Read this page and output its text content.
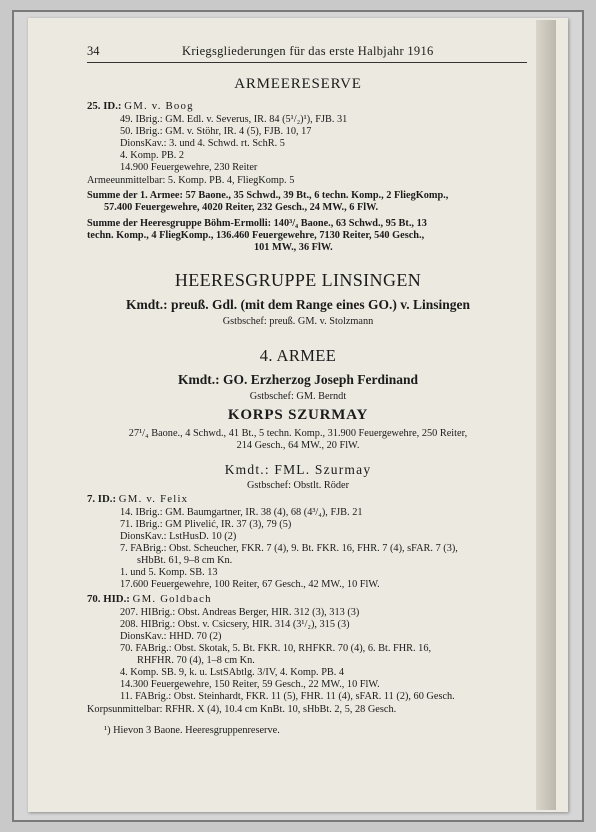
34	Kriegsgliederungen für das erste Halbjahr 1916
ARMEERESERVE
25. ID.: GM. v. Boog
49. IBrig.: GM. Edl. v. Severus, IR. 84 (5¹/₂)¹), FJB. 31
50. IBrig.: GM. v. Stöhr, IR. 4 (5), FJB. 10, 17
DionsKav.: 3. und 4. Schwd. rt. SchR. 5
4. Komp. PB. 2
14.900 Feuergewehre, 230 Reiter
Armeeunmittelbar: 5. Komp. PB. 4, FliegKomp. 5
Summe der 1. Armee: 57 Baone., 35 Schwd., 39 Bt., 6 techn. Komp., 2 FliegKomp.,
57.400 Feuergewehre, 4020 Reiter, 232 Gesch., 24 MW., 6 FlW.
Summe der Heeresgruppe Böhm-Ermolli: 140³/₄ Baone., 63 Schwd., 95 Bt., 13
techn. Komp., 4 FliegKomp., 136.460 Feuergewehre, 7130 Reiter, 540 Gesch.,
101 MW., 36 FlW.
HEERESGRUPPE LINSINGEN
Kmdt.: preuß. Gdl. (mit dem Range eines GO.) v. Linsingen
Gstbschef: preuß. GM. v. Stolzmann
4. ARMEE
Kmdt.: GO. Erzherzog Joseph Ferdinand
Gstbschef: GM. Berndt
KORPS SZURMAY
27¹/₄ Baone., 4 Schwd., 41 Bt., 5 techn. Komp., 31.900 Feuergewehre, 250 Reiter,
214 Gesch., 64 MW., 20 FlW.
Kmdt.: FML. Szurmay
Gstbschef: Obstlt. Röder
7. ID.: GM. v. Felix
14. IBrig.: GM. Baumgartner, IR. 38 (4), 68 (4³/₄), FJB. 21
71. IBrig.: GM Plivelić, IR. 37 (3), 79 (5)
DionsKav.: LstHusD. 10 (2)
7. FABrig.: Obst. Scheucher, FKR. 7 (4), 9. Bt. FKR. 16, FHR. 7 (4), sFAR. 7 (3),
sHbBt. 61, 9–8 cm Kn.
1. und 5. Komp. SB. 13
17.600 Feuergewehre, 100 Reiter, 67 Gesch., 42 MW., 10 FlW.
70. HID.: GM. Goldbach
207. HIBrig.: Obst. Andreas Berger, HIR. 312 (3), 313 (3)
208. HIBrig.: Obst. v. Csicsery, HIR. 314 (3¹/₂), 315 (3)
DionsKav.: HHD. 70 (2)
70. FABrig.: Obst. Skotak, 5. Bt. FKR. 10, RHFKR. 70 (4), 6. Bt. FHR. 16,
RHFHR. 70 (4), 1–8 cm Kn.
4. Komp. SB. 9, k. u. LstSAbtlg. 3/IV, 4. Komp. PB. 4
14.300 Feuergewehre, 150 Reiter, 59 Gesch., 22 MW., 10 FlW.
11. FABrig.: Obst. Steinhardt, FKR. 11 (5), FHR. 11 (4), sFAR. 11 (2), 60 Gesch.
Korpsunmittelbar: RFHR. X (4), 10.4 cm KnBt. 10, sHbBt. 2, 5, 28 Gesch.
¹) Hievon 3 Baone. Heeresgruppenreserve.
